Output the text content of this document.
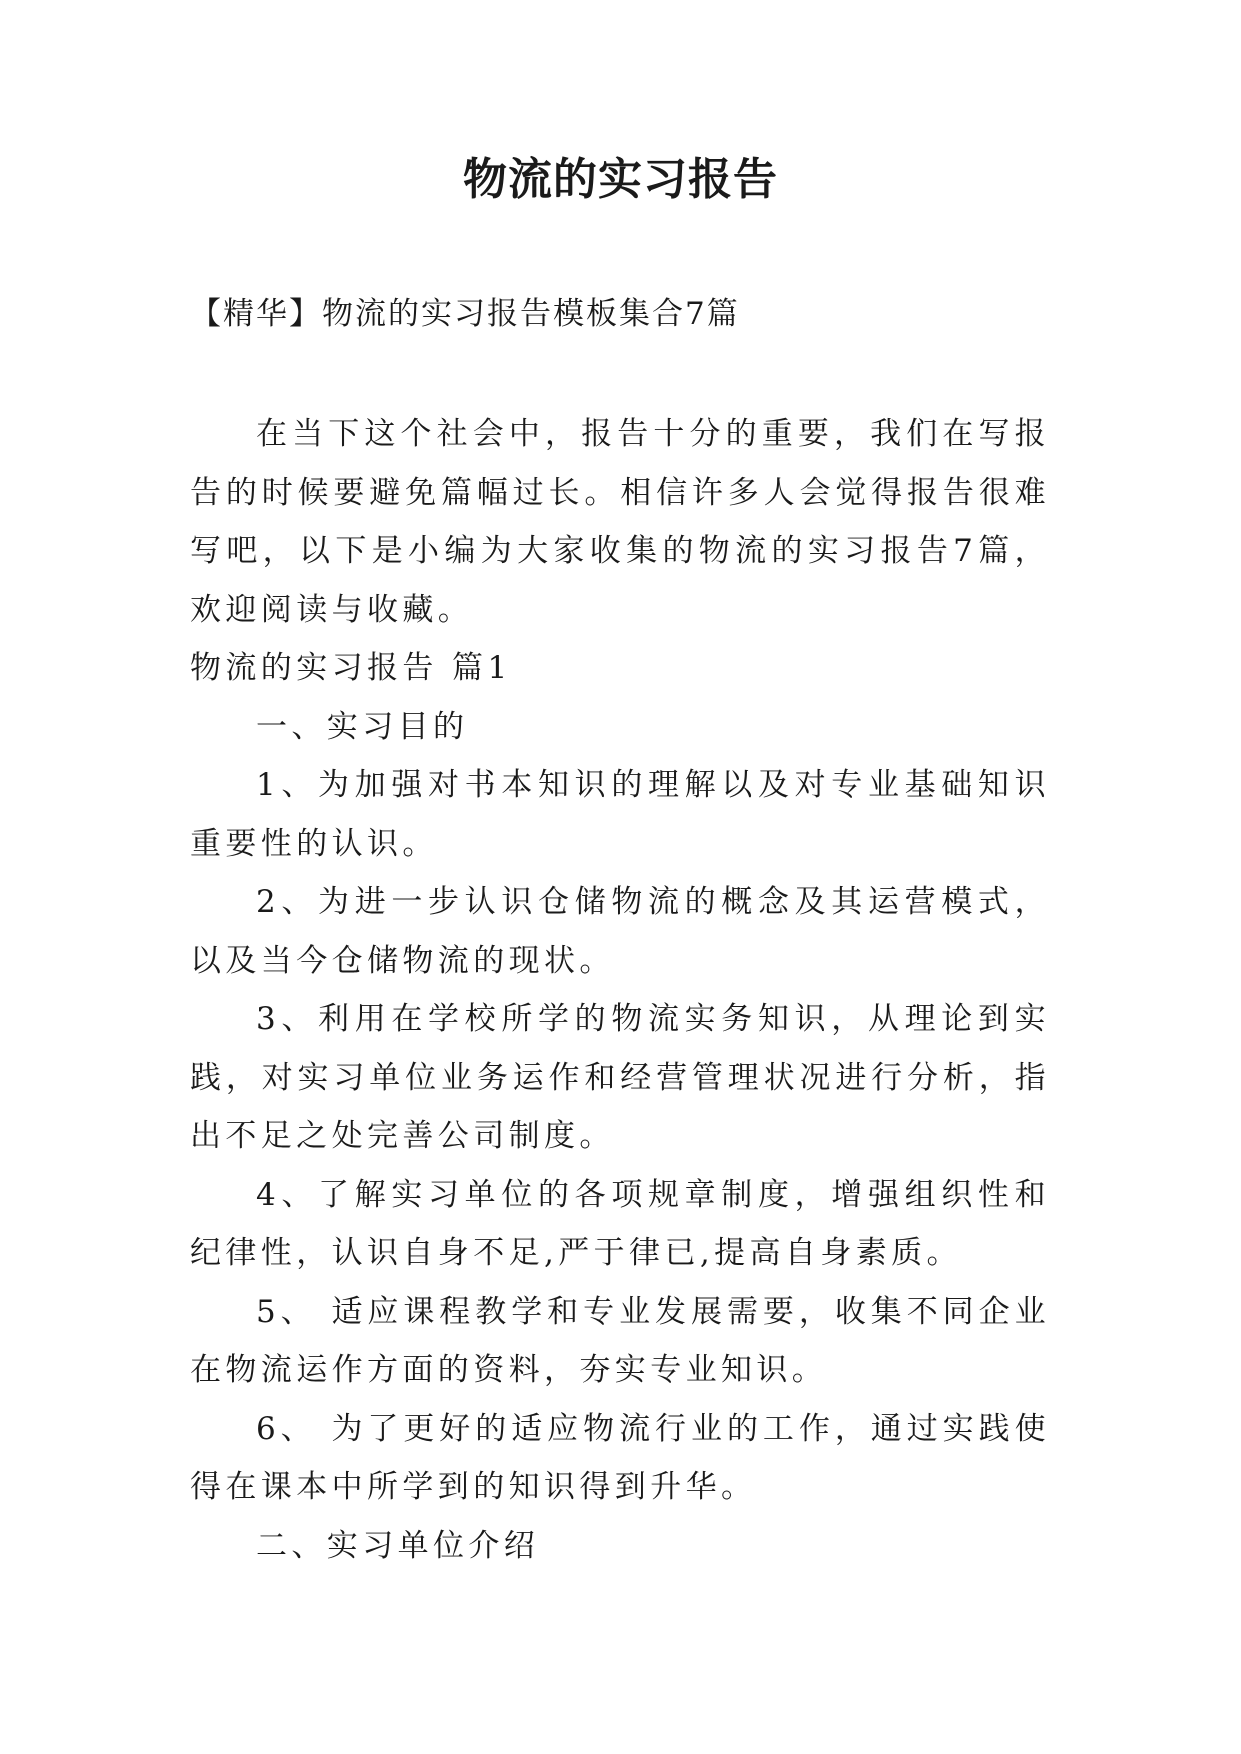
物流的实习报告

【精华】物流的实习报告模板集合7篇

在当下这个社会中，报告十分的重要，我们在写报告的时候要避免篇幅过长。相信许多人会觉得报告很难写吧，以下是小编为大家收集的物流的实习报告7篇，欢迎阅读与收藏。

物流的实习报告 篇1

一、实习目的

1、为加强对书本知识的理解以及对专业基础知识重要性的认识。

2、为进一步认识仓储物流的概念及其运营模式，以及当今仓储物流的现状。

3、利用在学校所学的物流实务知识，从理论到实践，对实习单位业务运作和经营管理状况进行分析，指出不足之处完善公司制度。

4、了解实习单位的各项规章制度，增强组织性和纪律性，认识自身不足,严于律已,提高自身素质。

5、 适应课程教学和专业发展需要，收集不同企业在物流运作方面的资料，夯实专业知识。

6、 为了更好的适应物流行业的工作，通过实践使得在课本中所学到的知识得到升华。

二、实习单位介绍
